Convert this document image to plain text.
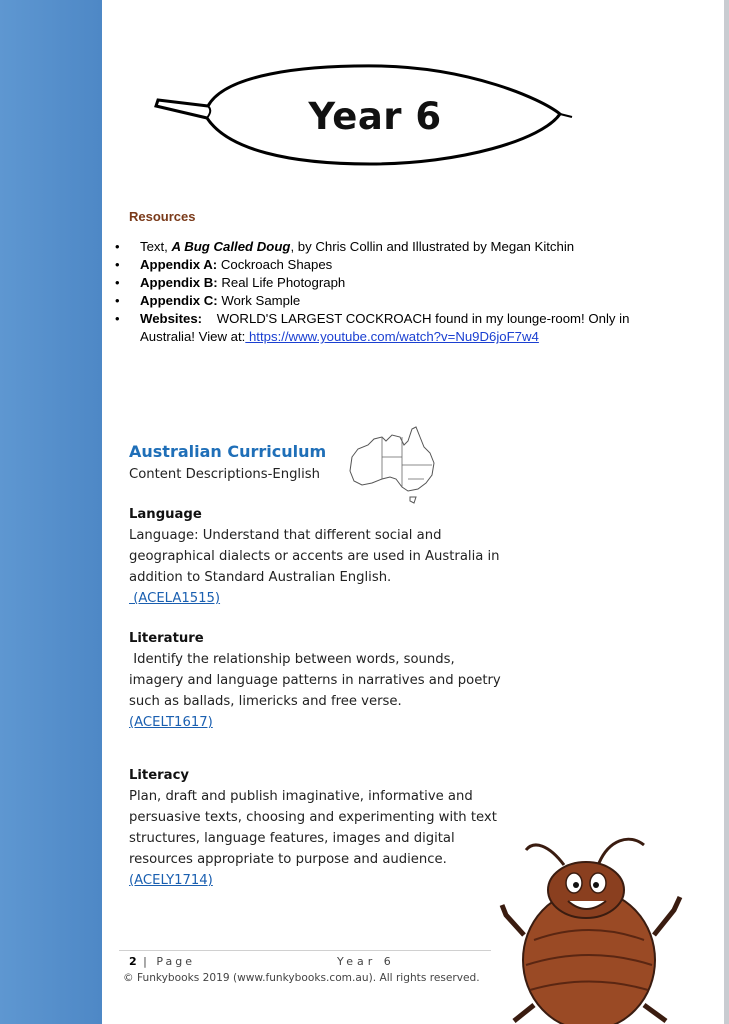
Year 6
Resources
• Text, A Bug Called Doug, by Chris Collin and Illustrated by Megan Kitchin
• Appendix A: Cockroach Shapes
• Appendix B: Real Life Photograph
• Appendix C: Work Sample
• Websites:    WORLD'S LARGEST COCKROACH found in my lounge-room! Only in Australia! View at: https://www.youtube.com/watch?v=Nu9D6joF7w4
Australian Curriculum
Content Descriptions-English
Language

Language: Understand that different social and geographical dialects or accents are used in Australia in addition to Standard Australian English.

(ACELA1515)
Literature

Identify the relationship between words, sounds, imagery and language patterns in narratives and poetry such as ballads, limericks and free verse.

(ACELT1617)
Literacy

Plan, draft and publish imaginative, informative and persuasive texts, choosing and experimenting with text structures, language features, images and digital resources appropriate to purpose and audience.

(ACELY1714)
2 | Page	Year 6
© Funkybooks 2019 (www.funkybooks.com.au). All rights reserved.
